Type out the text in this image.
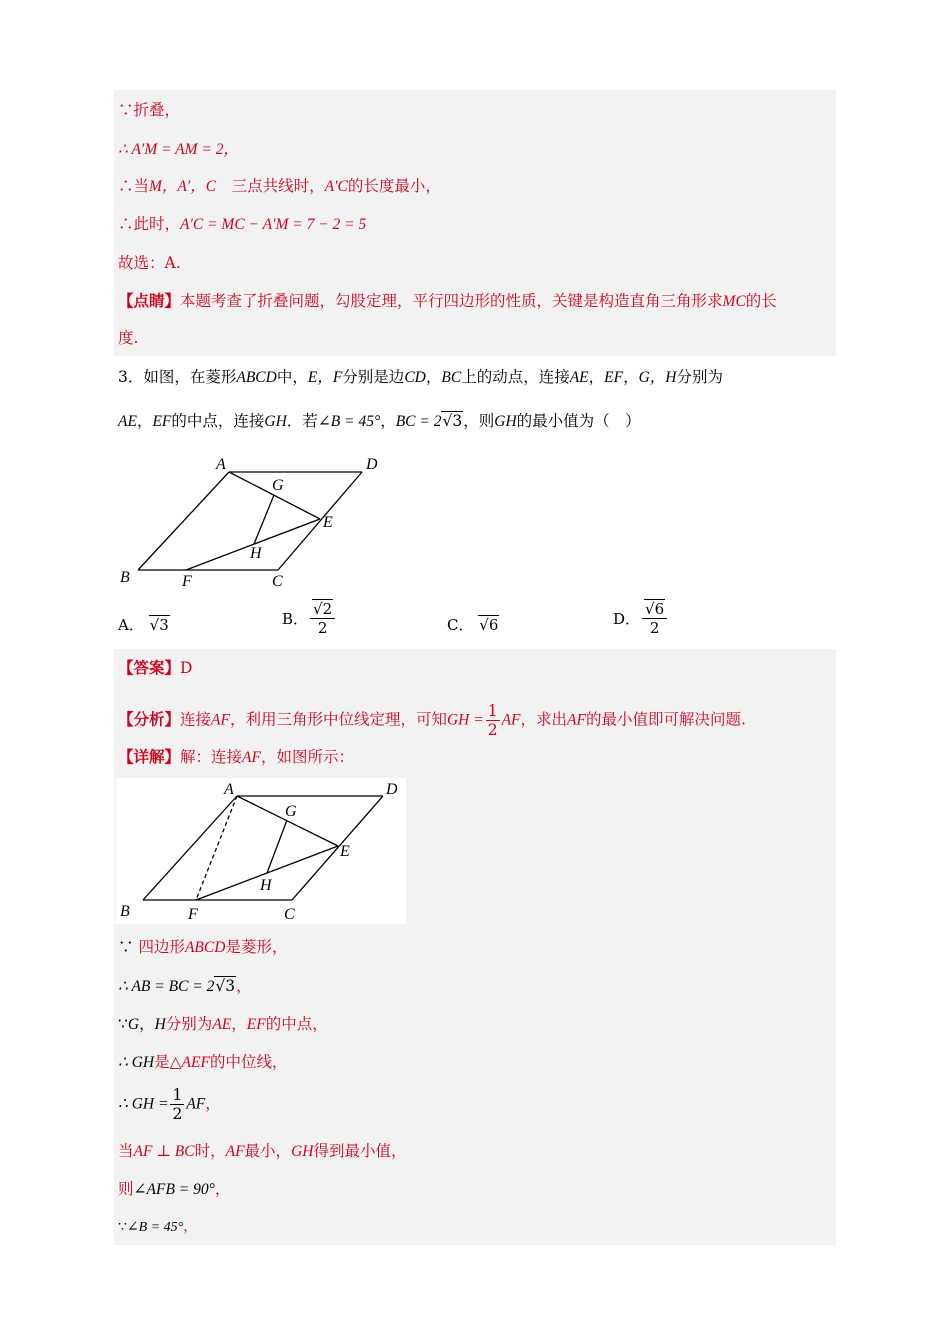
∵折叠，
∴ A′M = AM = 2，
∴当M，A′，C　 三点共线时，A′C的长度最小，
∴此时，A′C = MC − A′M = 7 − 2 = 5
故选：A.
【点睛】本题考查了折叠问题，勾股定理，平行四边形的性质，关键是构造直角三角形求MC的长
度.
3．如图，在菱形ABCD中，E，F分别是边CD，BC上的动点，连接AE，EF，G，H分别为
AE，EF的中点，连接GH．若∠B = 45°，BC = 2√3，则GH的最小值为（　）
A	D
B	C
E
F
G
H
A． √3	B． $\frac{√2}{2}$	C． √6	D． $\frac{√6}{2}$
【答案】D
【分析】连接AF，利用三角形中位线定理，可知GH = $\frac{1}{2}$ AF，求出AF的最小值即可解决问题.
【详解】解：连接AF，如图所示：
A	D
B	C
E
F
G
H
∵ 四边形ABCD是菱形，
∴ AB = BC = 2√3，
∵G，H分别为AE，EF的中点，
∴ GH是△AEF的中位线，
∴ GH = $\frac{1}{2}$ AF，
当AF ⊥ BC时，AF最小，GH得到最小值，
则∠AFB = 90°，
∵∠B = 45°，
